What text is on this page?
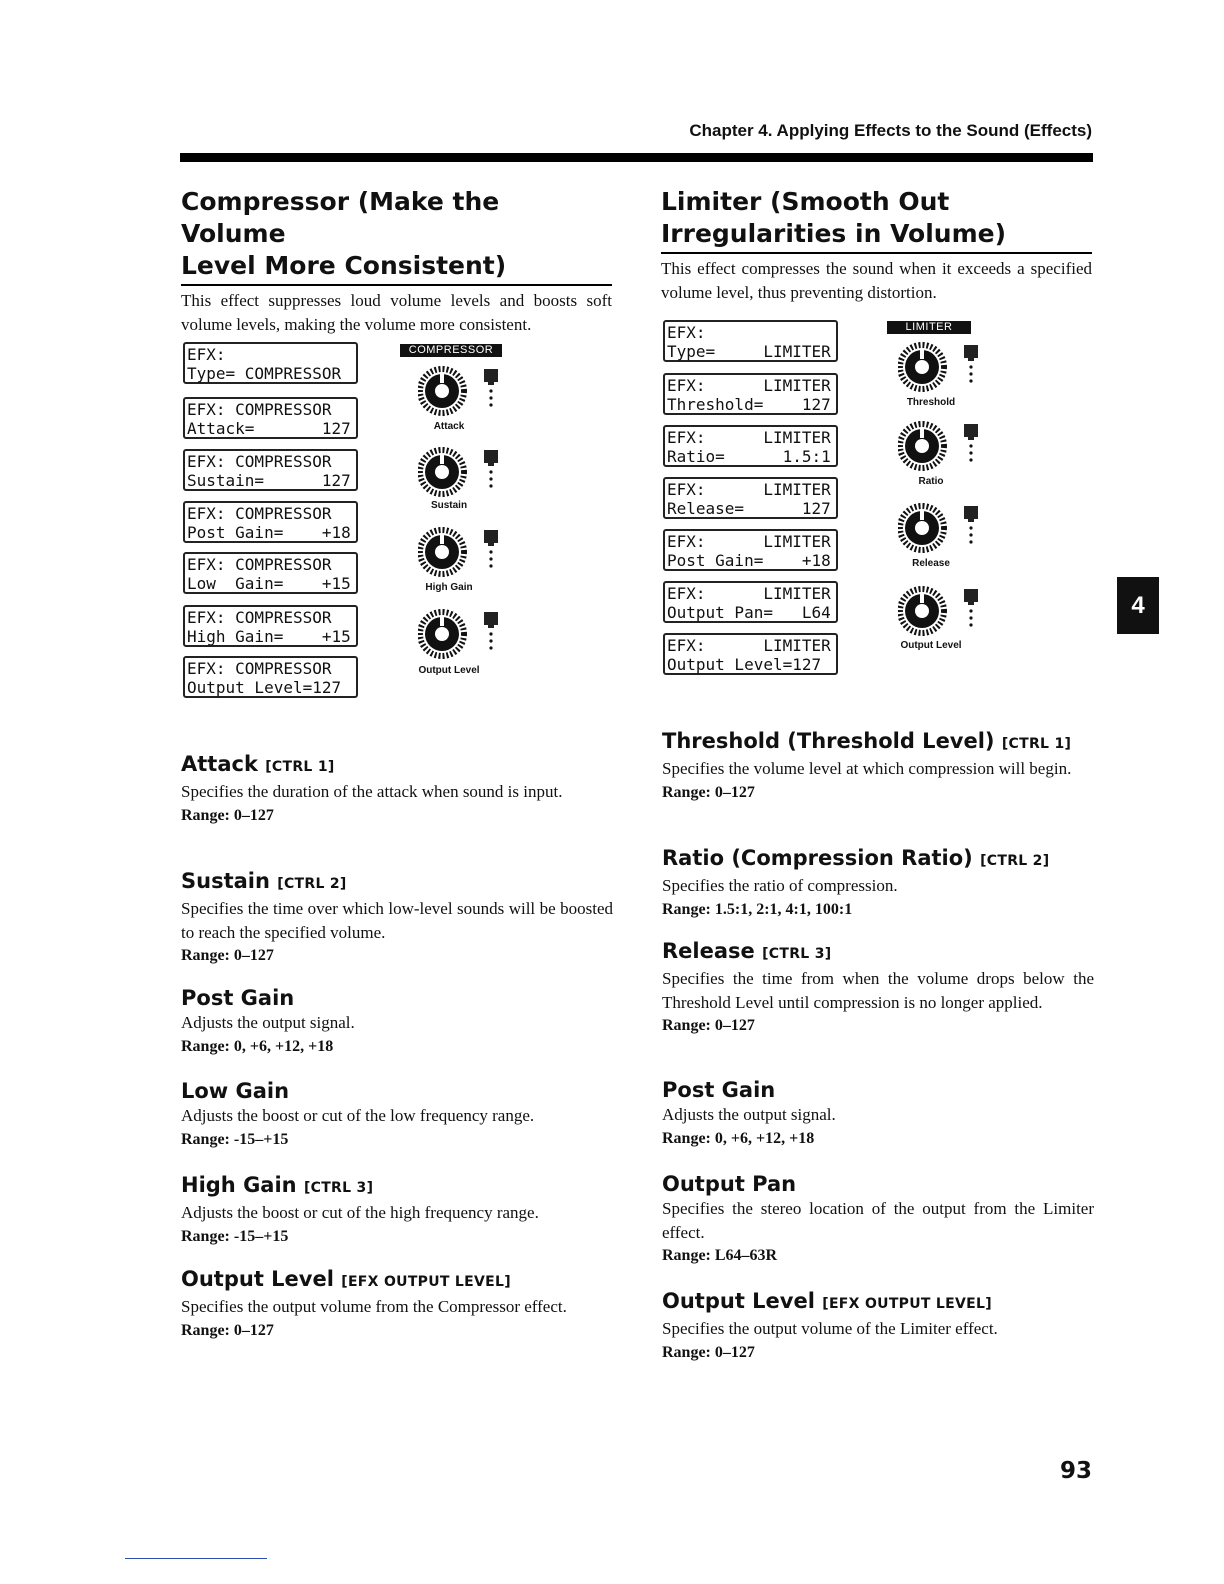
Chapter 4. Applying Effects to the Sound (Effects)
Compressor (Make the Volume
Level More Consistent)
This effect suppresses loud volume levels and boosts soft volume levels, making the volume more consistent.
EFX:
Type= COMPRESSOR
EFX: COMPRESSOR
Attack=       127
EFX: COMPRESSOR
Sustain=      127
EFX: COMPRESSOR
Post Gain=    +18
EFX: COMPRESSOR
Low  Gain=    +15
EFX: COMPRESSOR
High Gain=    +15
EFX: COMPRESSOR
Output Level=127
COMPRESSOR
Attack
Sustain
High Gain
Output Level

Attack [CTRL 1]

Specifies the duration of the attack when sound is input.

Range: 0–127

Sustain [CTRL 2]

Specifies the time over which low-level sounds will be boosted to reach the specified volume.

Range: 0–127

Post Gain

Adjusts the output signal.

Range: 0, +6, +12, +18

Low Gain

Adjusts the boost or cut of the low frequency range.

Range: -15–+15

High Gain [CTRL 3]

Adjusts the boost or cut of the high frequency range.

Range: -15–+15

Output Level [EFX OUTPUT LEVEL]

Specifies the output volume from the Compressor effect.

Range: 0–127

Limiter (Smooth Out
Irregularities in Volume)
This effect compresses the sound when it exceeds a specified volume level, thus preventing distortion.
EFX:
Type=     LIMITER
EFX:      LIMITER
Threshold=    127
EFX:      LIMITER
Ratio=      1.5:1
EFX:      LIMITER
Release=      127
EFX:      LIMITER
Post Gain=    +18
EFX:      LIMITER
Output Pan=   L64
EFX:      LIMITER
Output Level=127
LIMITER
Threshold
Ratio
Release
Output Level

Threshold (Threshold Level) [CTRL 1]

Specifies the volume level at which compression will begin.

Range: 0–127

Ratio (Compression Ratio) [CTRL 2]

Specifies the ratio of compression.

Range: 1.5:1, 2:1, 4:1, 100:1

Release [CTRL 3]

Specifies the time from when the volume drops below the Threshold Level until compression is no longer applied.

Range: 0–127

Post Gain

Adjusts the output signal.

Range: 0, +6, +12, +18

Output Pan

Specifies the stereo location of the output from the Limiter effect.

Range: L64–63R

Output Level [EFX OUTPUT LEVEL]

Specifies the output volume of the Limiter effect.

Range: 0–127

4
93
